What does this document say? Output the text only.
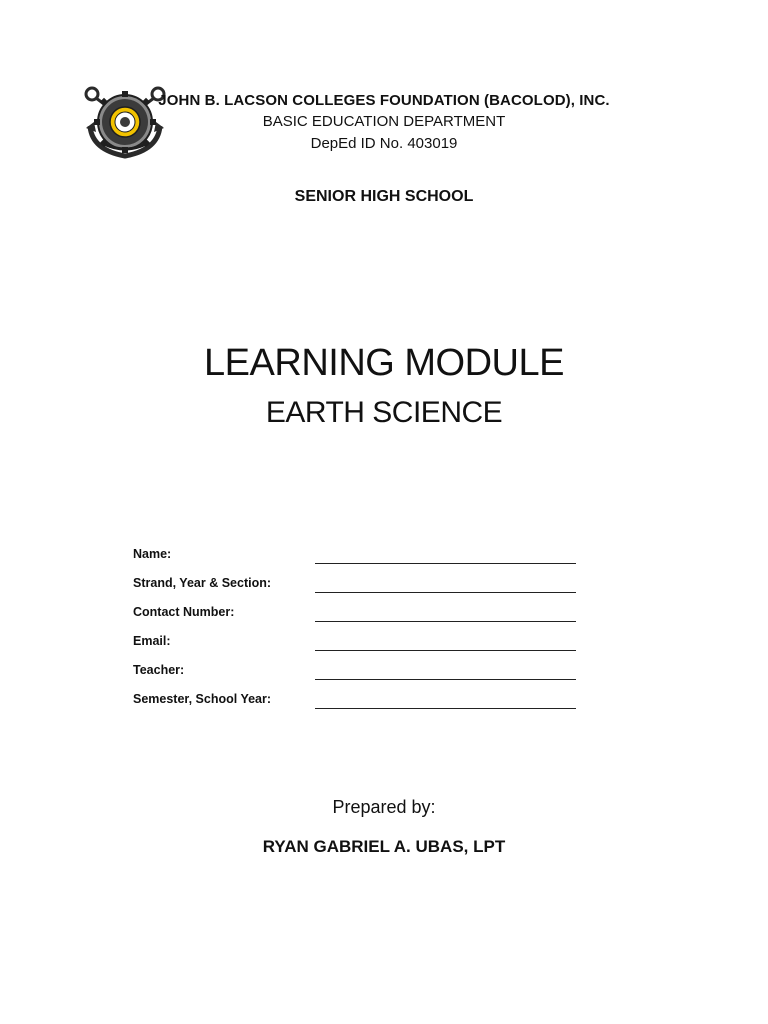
JOHN B. LACSON COLLEGES FOUNDATION (BACOLOD), INC.
BASIC EDUCATION DEPARTMENT
DepEd ID No. 403019
SENIOR HIGH SCHOOL
LEARNING MODULE
EARTH SCIENCE
Name:
Strand, Year & Section:
Contact Number:
Email:
Teacher:
Semester, School Year:
Prepared by:
RYAN GABRIEL A. UBAS, LPT
